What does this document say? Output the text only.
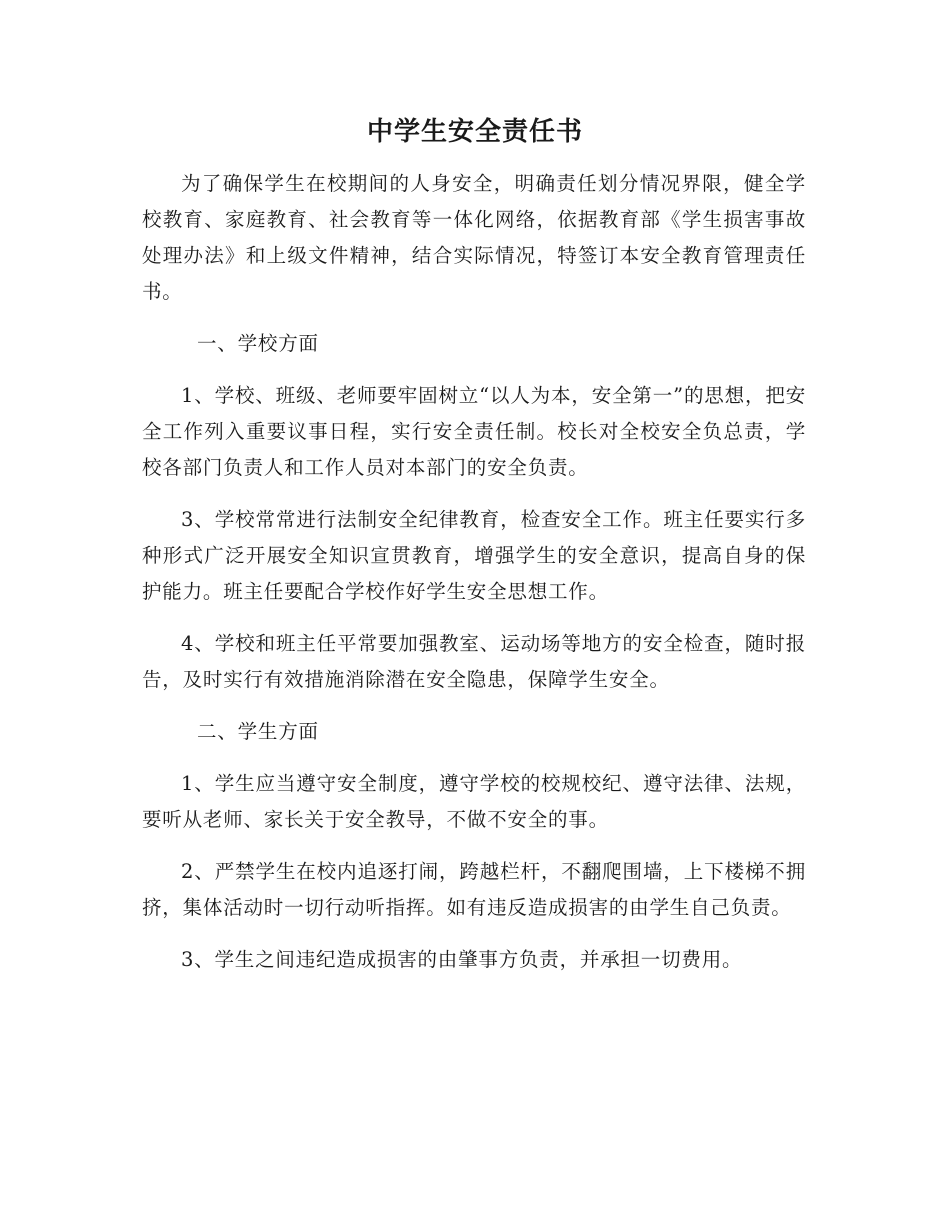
中学生安全责任书

为了确保学生在校期间的人身安全，明确责任划分情况界限，健全学校教育、家庭教育、社会教育等一体化网络，依据教育部《学生损害事故处理办法》和上级文件精神，结合实际情况，特签订本安全教育管理责任书。

一、学校方面

1、学校、班级、老师要牢固树立“以人为本，安全第一”的思想，把安全工作列入重要议事日程，实行安全责任制。校长对全校安全负总责，学校各部门负责人和工作人员对本部门的安全负责。

3、学校常常进行法制安全纪律教育，检查安全工作。班主任要实行多种形式广泛开展安全知识宣贯教育，增强学生的安全意识，提高自身的保护能力。班主任要配合学校作好学生安全思想工作。

4、学校和班主任平常要加强教室、运动场等地方的安全检查，随时报告，及时实行有效措施消除潜在安全隐患，保障学生安全。

二、学生方面

1、学生应当遵守安全制度，遵守学校的校规校纪、遵守法律、法规，要听从老师、家长关于安全教导，不做不安全的事。

2、严禁学生在校内追逐打闹，跨越栏杆，不翻爬围墙，上下楼梯不拥挤，集体活动时一切行动听指挥。如有违反造成损害的由学生自己负责。

3、学生之间违纪造成损害的由肇事方负责，并承担一切费用。
